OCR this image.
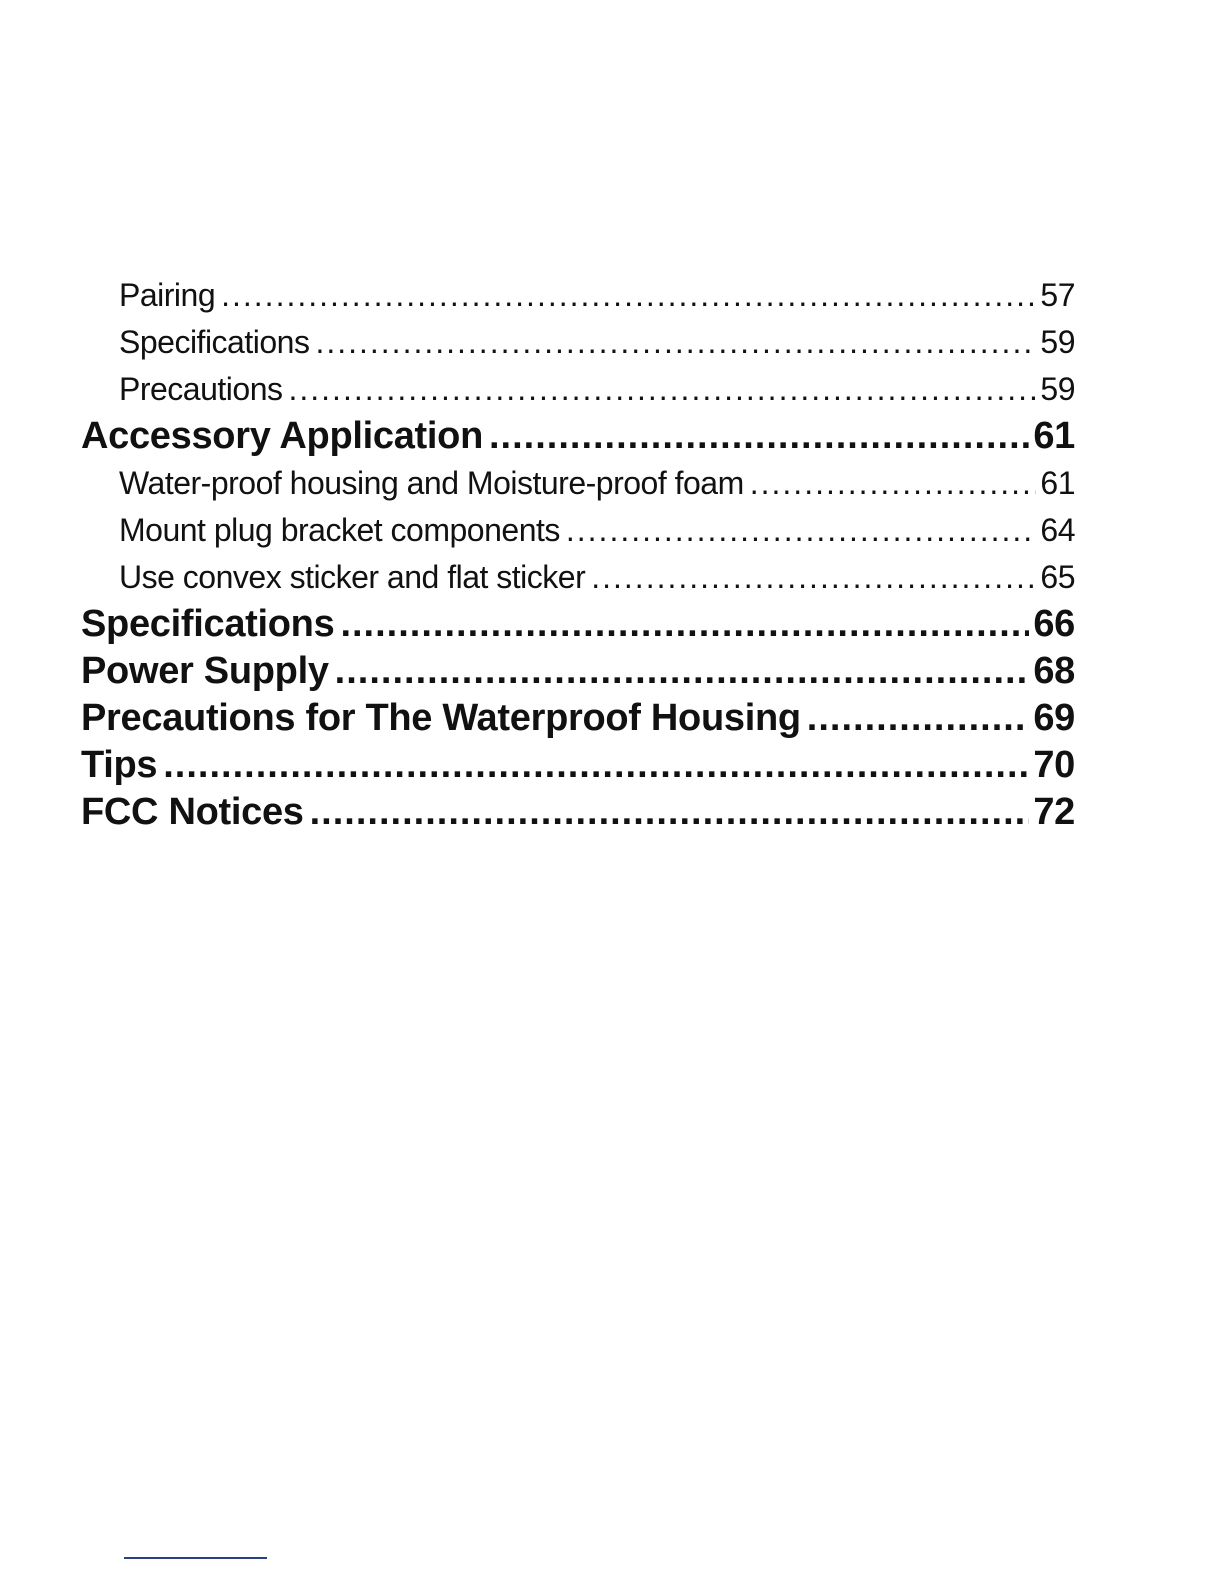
Pairing .....	57
Specifications .....	59
Precautions .....	59
Accessory Application .....	61
Water-proof housing and Moisture-proof foam .....	61
Mount plug bracket components .....	64
Use convex sticker and flat sticker .....	65
Specifications .....	66
Power Supply .....	68
Precautions for The Waterproof Housing .....	69
Tips .....	70
FCC Notices .....	72
